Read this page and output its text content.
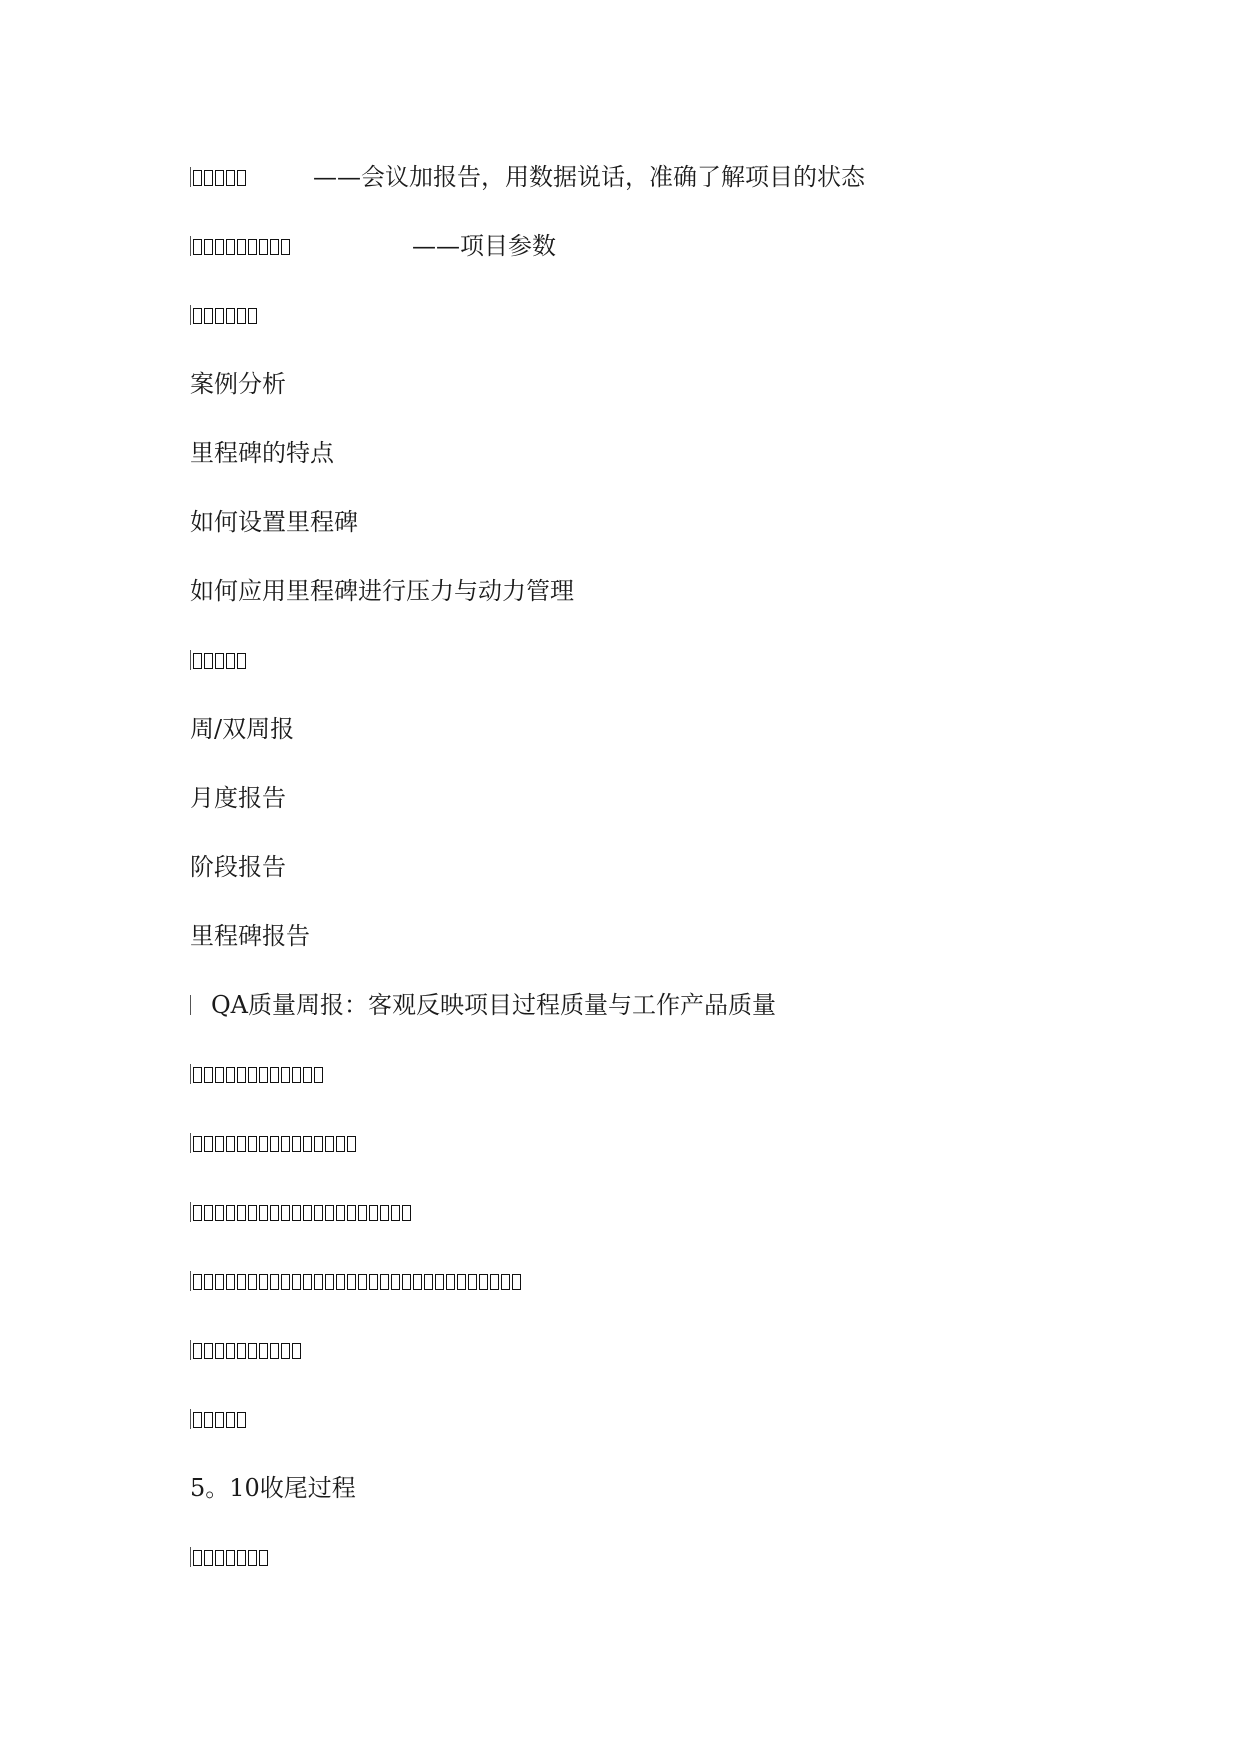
——会议加报告，用数据说话，准确了解项目的状态
——项目参数
案例分析
里程碑的特点
如何设置里程碑
如何应用里程碑进行压力与动力管理
周/双周报
月度报告
阶段报告
里程碑报告
QA质量周报：客观反映项目过程质量与工作产品质量
5。10收尾过程
